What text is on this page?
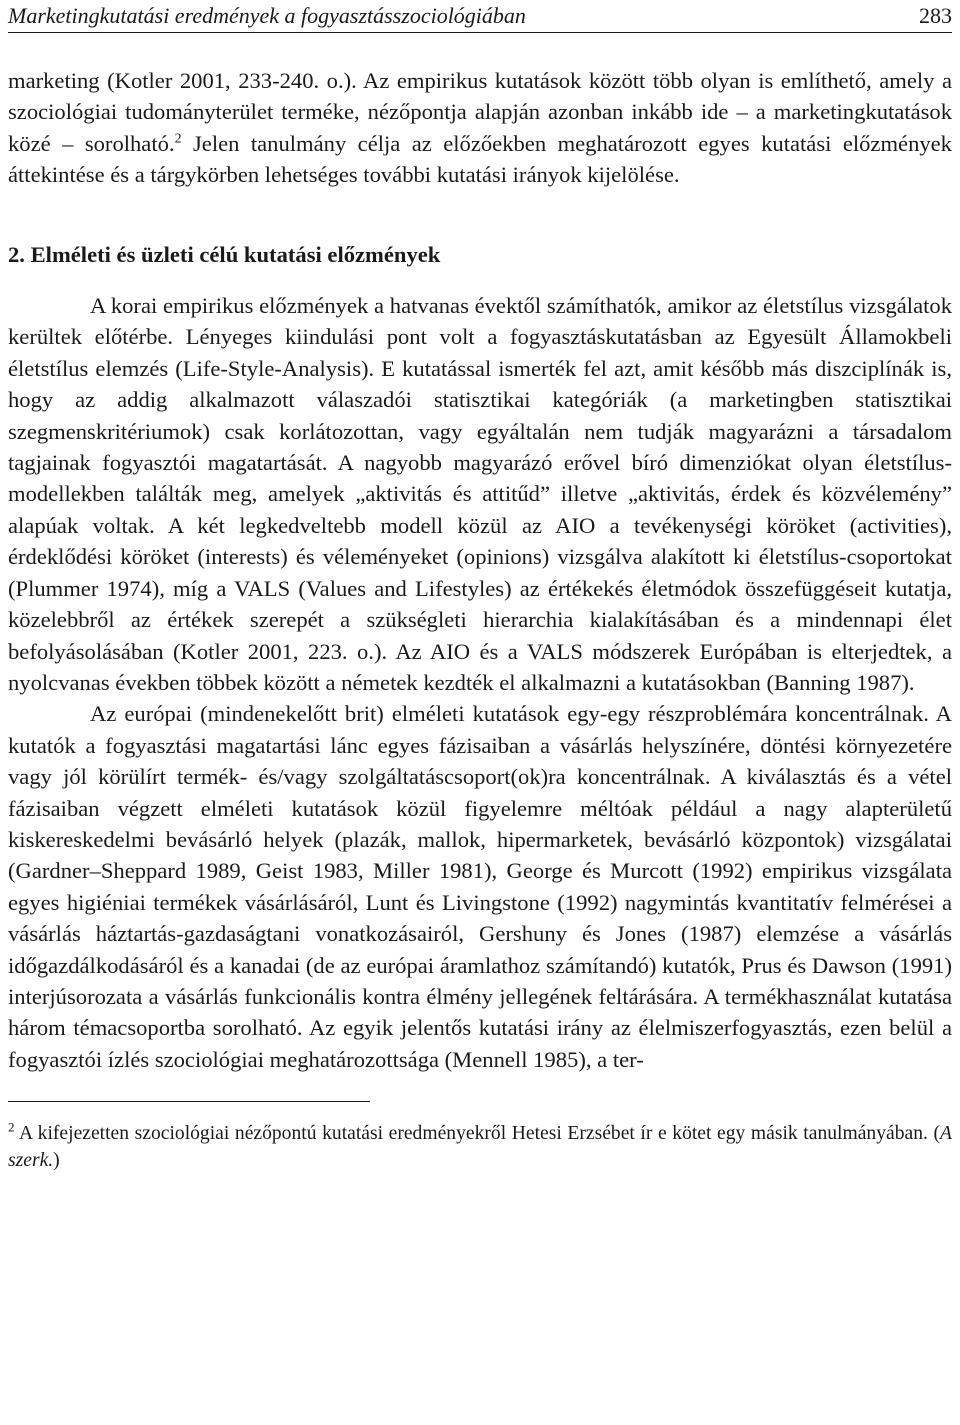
Marketingkutatási eredmények a fogyasztásszociológiában	283

marketing (Kotler 2001, 233-240. o.). Az empirikus kutatások között több olyan is említhető, amely a szociológiai tudományterület terméke, nézőpontja alapján azonban inkább ide – a marketingkutatások közé – sorolható.$^2$ Jelen tanulmány célja az előzőekben meghatározott egyes kutatási előzmények áttekintése és a tárgykörben lehetséges további kutatási irányok kijelölése.

2. Elméleti és üzleti célú kutatási előzmények

A korai empirikus előzmények a hatvanas évektől számíthatók, amikor az életstílus vizsgálatok kerültek előtérbe. Lényeges kiindulási pont volt a fogyasztáskutatásban az Egyesült Államokbeli életstílus elemzés (Life-Style-Analysis). E kutatással ismerték fel azt, amit később más diszciplínák is, hogy az addig alkalmazott válaszadói statisztikai kategóriák (a marketingben statisztikai szegmenskritériumok) csak korlátozottan, vagy egyáltalán nem tudják magyarázni a társadalom tagjainak fogyasztói magatartását. A nagyobb magyarázó erővel bíró dimenziókat olyan életstílus-modellekben találták meg, amelyek „aktivitás és attitűd” illetve „aktivitás, érdek és közvélemény” alapúak voltak. A két legkedveltebb modell közül az AIO a tevékenységi köröket (activities), érdeklődési köröket (interests) és véleményeket (opinions) vizsgálva alakított ki életstílus-csoportokat (Plummer 1974), míg a VALS (Values and Lifestyles) az értékekés életmódok összefüggéseit kutatja, közelebbről az értékek szerepét a szükségleti hierarchia kialakításában és a mindennapi élet befolyásolásában (Kotler 2001, 223. o.). Az AIO és a VALS módszerek Európában is elterjedtek, a nyolcvanas években többek között a németek kezdték el alkalmazni a kutatásokban (Banning 1987).

Az európai (mindenekelőtt brit) elméleti kutatások egy-egy részproblémára koncentrálnak. A kutatók a fogyasztási magatartási lánc egyes fázisaiban a vásárlás helyszínére, döntési környezetére vagy jól körülírt termék- és/vagy szolgáltatáscsoport(ok)ra koncentrálnak. A kiválasztás és a vétel fázisaiban végzett elméleti kutatások közül figyelemre méltóak például a nagy alapterületű kiskereskedelmi bevásárló helyek (plazák, mallok, hipermarketek, bevásárló központok) vizsgálatai (Gardner–Sheppard 1989, Geist 1983, Miller 1981), George és Murcott (1992) empirikus vizsgálata egyes higiéniai termékek vásárlásáról, Lunt és Livingstone (1992) nagymintás kvantitatív felmérései a vásárlás háztartás-gazdaságtani vonatkozásairól, Gershuny és Jones (1987) elemzése a vásárlás időgazdálkodásáról és a kanadai (de az európai áramlathoz számítandó) kutatók, Prus és Dawson (1991) interjúsorozata a vásárlás funkcionális kontra élmény jellegének feltárására. A termékhasználat kutatása három témacsoportba sorolható. Az egyik jelentős kutatási irány az élelmiszerfogyasztás, ezen belül a fogyasztói ízlés szociológiai meghatározottsága (Mennell 1985), a ter-

$^2$ A kifejezetten szociológiai nézőpontú kutatási eredményekről Hetesi Erzsébet ír e kötet egy másik tanulmányában. (A szerk.)
